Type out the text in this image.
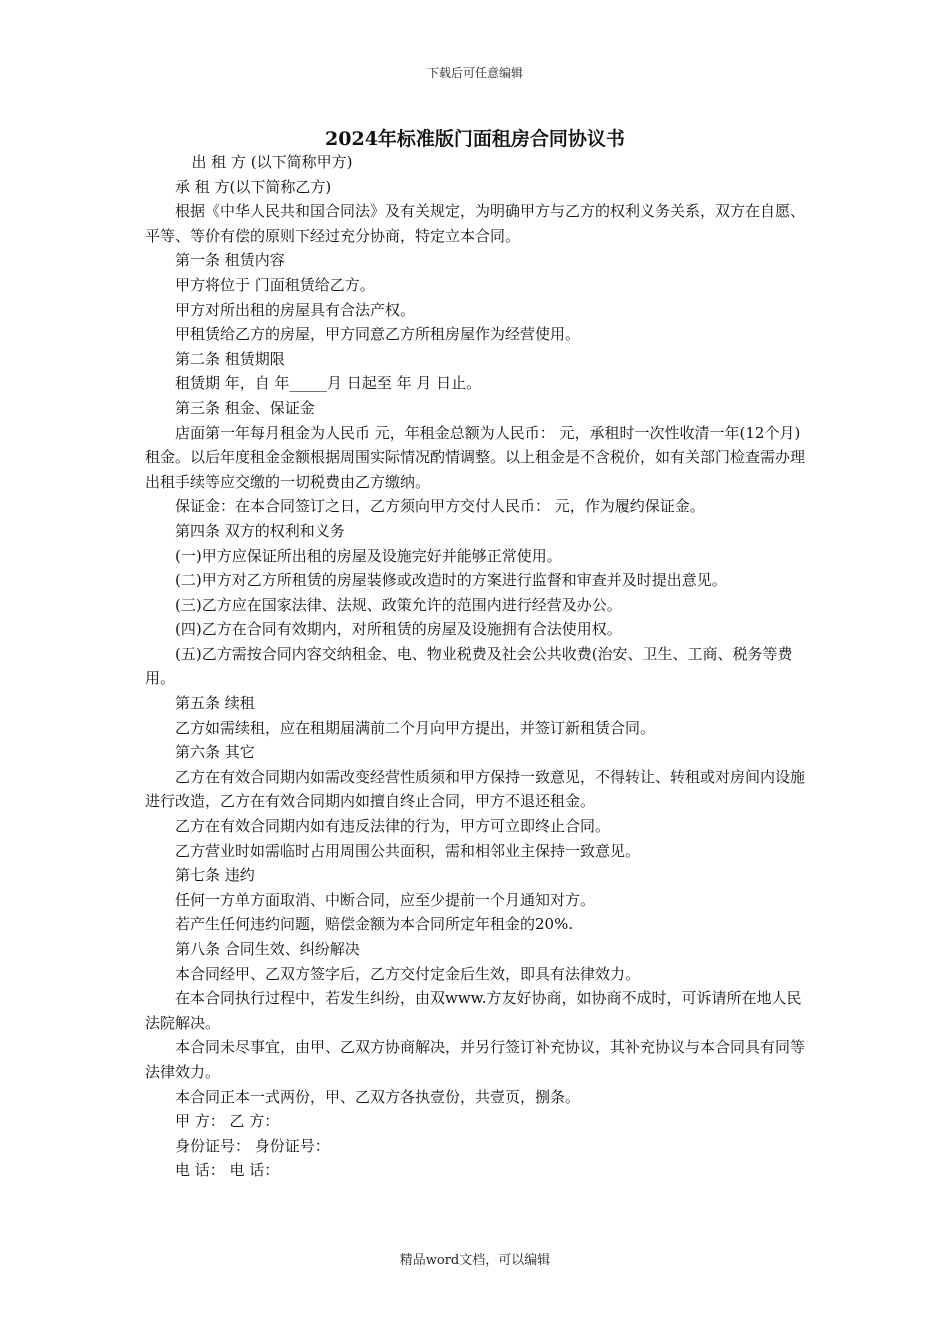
下载后可任意编辑
2024年标准版门面租房合同协议书

出 租 方 (以下简称甲方)

承 租 方(以下简称乙方)

根据《中华人民共和国合同法》及有关规定，为明确甲方与乙方的权利义务关系，双方在自愿、平等、等价有偿的原则下经过充分协商，特定立本合同。

第一条 租赁内容

甲方将位于 门面租赁给乙方。

甲方对所出租的房屋具有合法产权。

甲租赁给乙方的房屋，甲方同意乙方所租房屋作为经营使用。

第二条 租赁期限

租赁期 年，自 年_____月 日起至 年 月 日止。

第三条 租金、保证金

店面第一年每月租金为人民币 元，年租金总额为人民币： 元，承租时一次性收清一年(12个月)租金。以后年度租金金额根据周围实际情况酌情调整。以上租金是不含税价，如有关部门检查需办理出租手续等应交缴的一切税费由乙方缴纳。

保证金：在本合同签订之日，乙方须向甲方交付人民币： 元，作为履约保证金。

第四条 双方的权利和义务

(一)甲方应保证所出租的房屋及设施完好并能够正常使用。

(二)甲方对乙方所租赁的房屋装修或改造时的方案进行监督和审查并及时提出意见。

(三)乙方应在国家法律、法规、政策允许的范围内进行经营及办公。

(四)乙方在合同有效期内，对所租赁的房屋及设施拥有合法使用权。

(五)乙方需按合同内容交纳租金、电、物业税费及社会公共收费(治安、卫生、工商、税务等费用。

第五条 续租

乙方如需续租，应在租期届满前二个月向甲方提出，并签订新租赁合同。

第六条 其它

乙方在有效合同期内如需改变经营性质须和甲方保持一致意见，不得转让、转租或对房间内设施进行改造，乙方在有效合同期内如擅自终止合同，甲方不退还租金。

乙方在有效合同期内如有违反法律的行为，甲方可立即终止合同。

乙方营业时如需临时占用周围公共面积，需和相邻业主保持一致意见。

第七条 违约

任何一方单方面取消、中断合同，应至少提前一个月通知对方。

若产生任何违约问题，赔偿金额为本合同所定年租金的20%.

第八条 合同生效、纠纷解决

本合同经甲、乙双方签字后，乙方交付定金后生效，即具有法律效力。

在本合同执行过程中，若发生纠纷，由双www.方友好协商，如协商不成时，可诉请所在地人民法院解决。

本合同未尽事宜，由甲、乙双方协商解决，并另行签订补充协议，其补充协议与本合同具有同等法律效力。

本合同正本一式两份，甲、乙双方各执壹份，共壹页，捌条。

甲 方： 乙 方：

身份证号： 身份证号：

电 话： 电 话：

精品word文档，可以编辑
